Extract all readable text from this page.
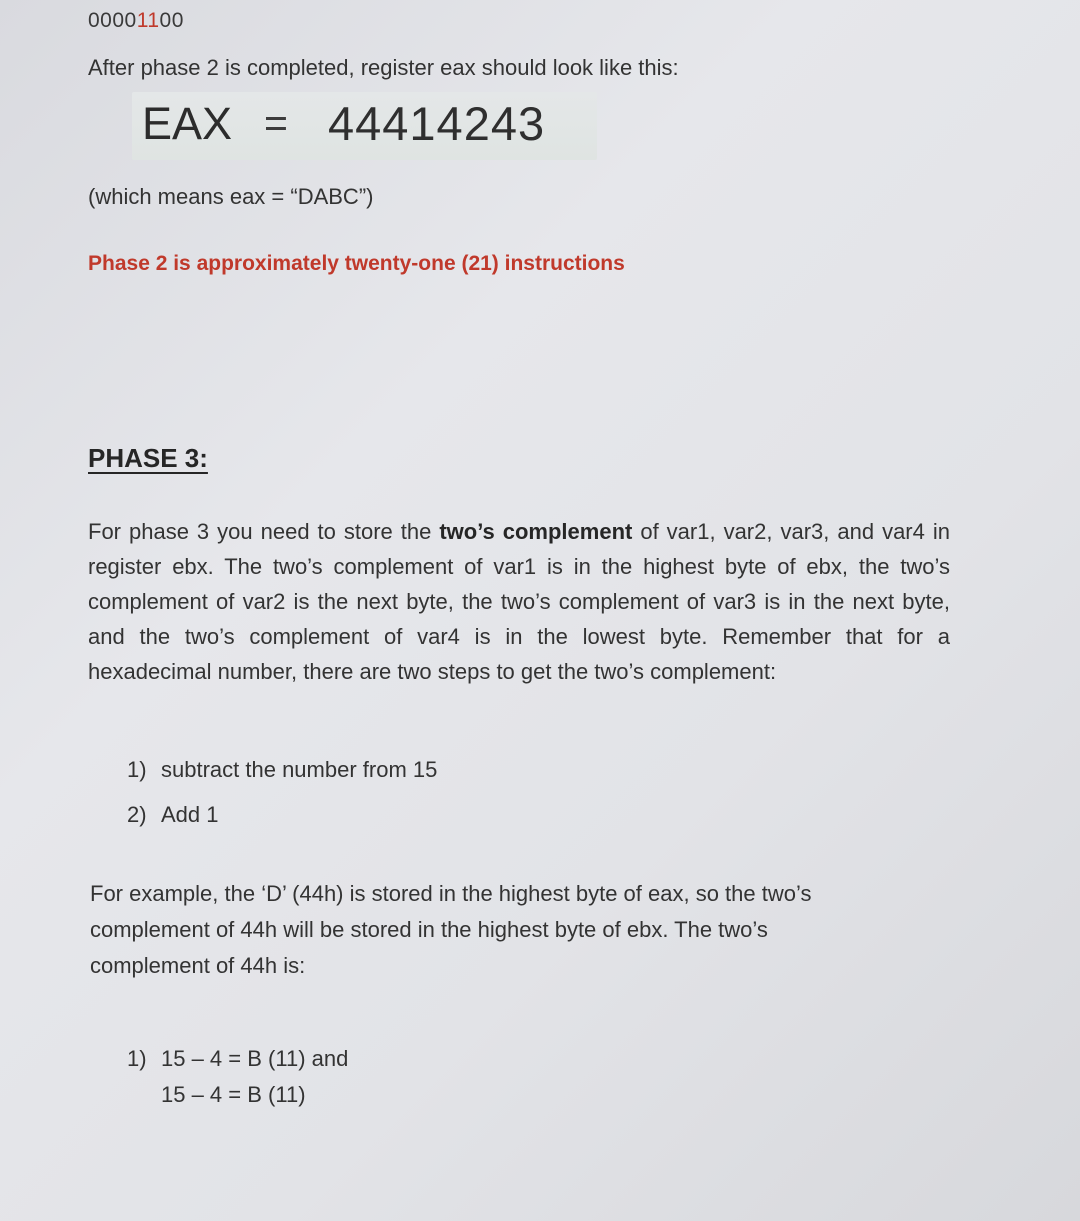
00001100

After phase 2 is completed, register eax should look like this:

EAX = 44414243

(which means eax = “DABC”)

Phase 2 is approximately twenty-one (21) instructions

PHASE 3:

For phase 3 you need to store the two’s complement of var1, var2, var3, and var4 in register ebx. The two’s complement of var1 is in the highest byte of ebx, the two’s complement of var2 is the next byte, the two’s complement of var3 is in the next byte, and the two’s complement of var4 is in the lowest byte. Remember that for a hexadecimal number, there are two steps to get the two’s complement:

1) subtract the number from 15
2) Add 1

For example, the ‘D’ (44h) is stored in the highest byte of eax, so the two’s complement of 44h will be stored in the highest byte of ebx. The two’s complement of 44h is:

1) 15 – 4 = B (11) and
15 – 4 = B (11)
